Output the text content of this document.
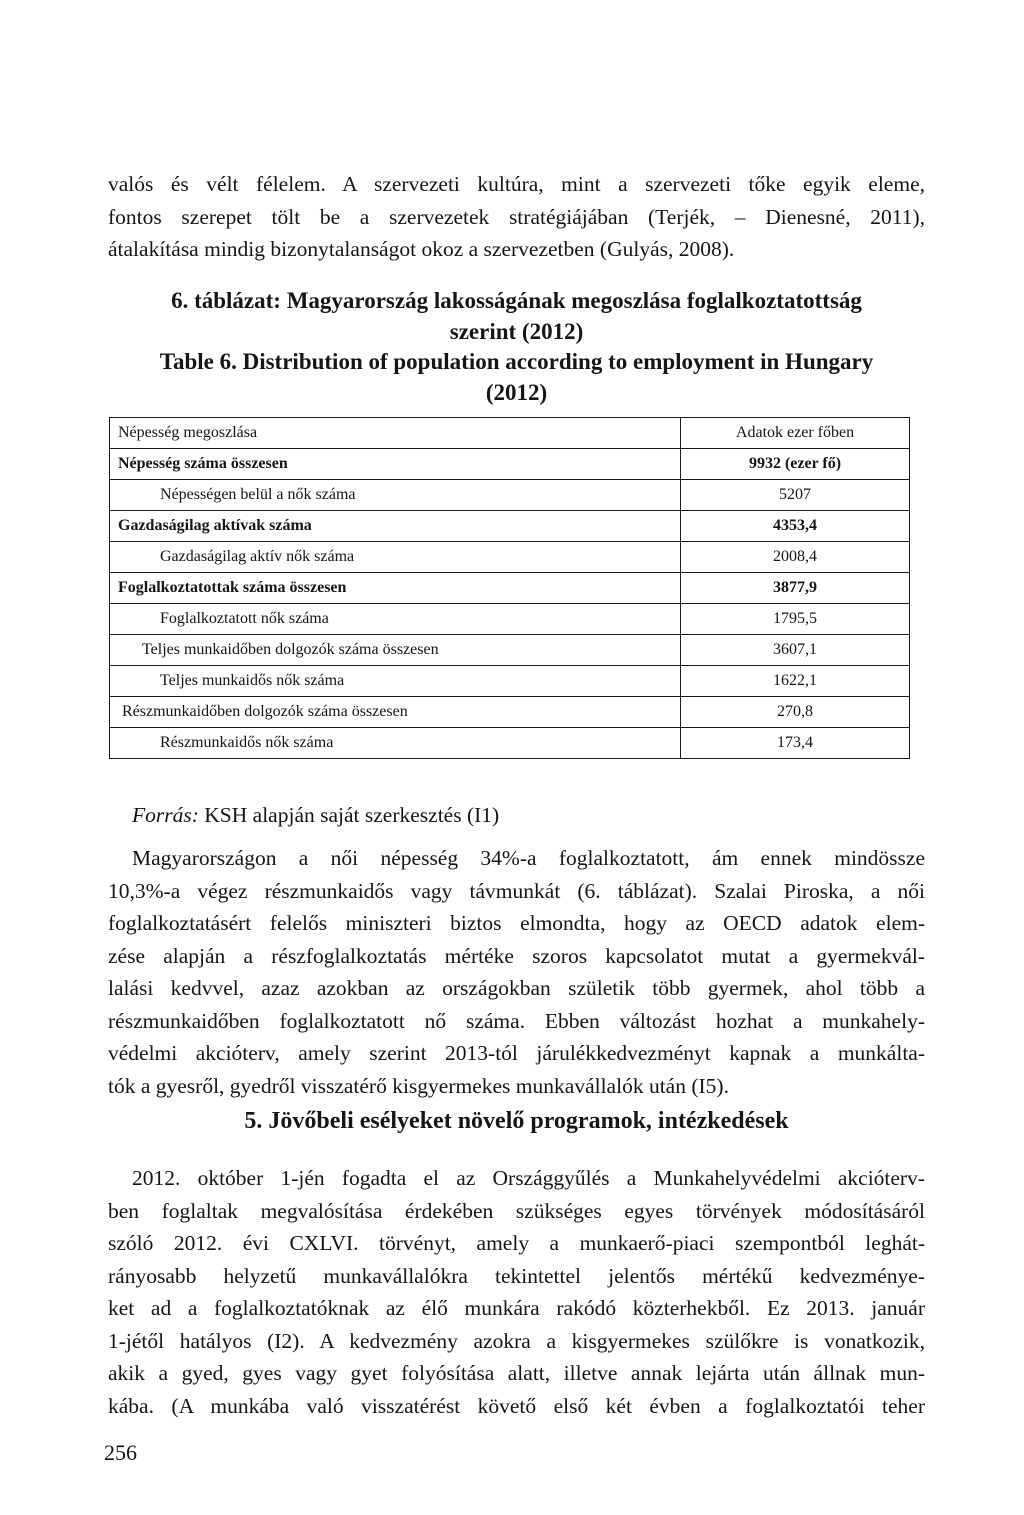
valós és vélt félelem. A szervezeti kultúra, mint a szervezeti tőke egyik eleme,
fontos szerepet tölt be a szervezetek stratégiájában (Terjék, – Dienesné, 2011),
átalakítása mindig bizonytalanságot okoz a szervezetben (Gulyás, 2008).
6. táblázat: Magyarország lakosságának megoszlása foglalkoztatottság
szerint (2012)
Table 6. Distribution of population according to employment in Hungary
(2012)
Népesség megoszlása	Adatok ezer főben
Népesség száma összesen	9932 (ezer fő)
Népességen belül a nők száma	5207
Gazdaságilag aktívak száma	4353,4
Gazdaságilag aktív nők száma	2008,4
Foglalkoztatottak száma összesen	3877,9
Foglalkoztatott nők száma	1795,5
Teljes munkaidőben dolgozók száma összesen	3607,1
Teljes munkaidős nők száma	1622,1
Részmunkaidőben dolgozók száma összesen	270,8
Részmunkaidős nők száma	173,4

Forrás: KSH alapján saját szerkesztés (I1)

Magyarországon a női népesség 34%-a foglalkoztatott, ám ennek mindössze
10,3%-a végez részmunkaidős vagy távmunkát (6. táblázat). Szalai Piroska, a női
foglalkoztatásért felelős miniszteri biztos elmondta, hogy az OECD adatok elem-
zése alapján a részfoglalkoztatás mértéke szoros kapcsolatot mutat a gyermekvál-
lalási kedvvel, azaz azokban az országokban születik több gyermek, ahol több a
részmunkaidőben foglalkoztatott nő száma. Ebben változást hozhat a munkahely-
védelmi akcióterv, amely szerint 2013-tól járulékkedvezményt kapnak a munkálta-
tók a gyesről, gyedről visszatérő kisgyermekes munkavállalók után (I5).
5. Jövőbeli esélyeket növelő programok, intézkedések
2012. október 1-jén fogadta el az Országgyűlés a Munkahelyvédelmi akcióterv-
ben foglaltak megvalósítása érdekében szükséges egyes törvények módosításáról
szóló 2012. évi CXLVI. törvényt, amely a munkaerő-piaci szempontból leghát-
rányosabb helyzetű munkavállalókra tekintettel jelentős mértékű kedvezménye-
ket ad a foglalkoztatóknak az élő munkára rakódó közterhekből. Ez 2013. január
1-jétől hatályos (I2). A kedvezmény azokra a kisgyermekes szülőkre is vonatkozik,
akik a gyed, gyes vagy gyet folyósítása alatt, illetve annak lejárta után állnak mun-
kába. (A munkába való visszatérést követő első két évben a foglalkoztatói teher
256
